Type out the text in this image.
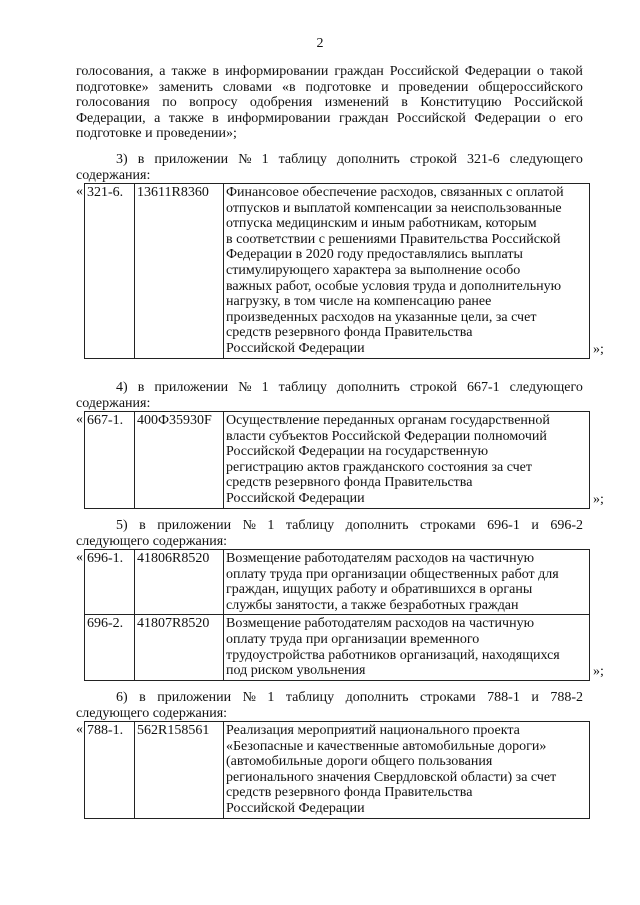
2
голосования, а также в информировании граждан Российской Федерации о такой
подготовке» заменить словами «в подготовке и проведении общероссийского
голосования по вопросу одобрения изменений в Конституцию Российской
Федерации, а также в информировании граждан Российской Федерации о его
подготовке и проведении»;
3) в приложении № 1 таблицу дополнить строкой 321-6 следующего
содержания:
321-6.	13611R8360	Финансовое обеспечение расходов, связанных с оплатой
отпусков и выплатой компенсации за неиспользованные
отпуска медицинским и иным работникам, которым
в соответствии с решениями Правительства Российской
Федерации в 2020 году предоставлялись выплаты
стимулирующего характера за выполнение особо
важных работ, особые условия труда и дополнительную
нагрузку, в том числе на компенсацию ранее
произведенных расходов на указанные цели, за счет
средств резервного фонда Правительства
Российской Федерации
«
»;
4) в приложении № 1 таблицу дополнить строкой 667-1 следующего
содержания:
667-1.	400Ф35930F	Осуществление переданных органам государственной
власти субъектов Российской Федерации полномочий
Российской Федерации на государственную
регистрацию актов гражданского состояния за счет
средств резервного фонда Правительства
Российской Федерации
«
»;
5) в приложении № 1 таблицу дополнить строками 696-1 и 696-2
следующего содержания:
696-1.	41806R8520	Возмещение работодателям расходов на частичную
оплату труда при организации общественных работ для
граждан, ищущих работу и обратившихся в органы
службы занятости, а также безработных граждан

696-2.	41807R8520	Возмещение работодателям расходов на частичную
оплату труда при организации временного
трудоустройства работников организаций, находящихся
под риском увольнения
«
»;
6) в приложении № 1 таблицу дополнить строками 788-1 и 788-2
следующего содержания:
788-1.	562R158561	Реализация мероприятий национального проекта
«Безопасные и качественные автомобильные дороги»
(автомобильные дороги общего пользования
регионального значения Свердловской области) за счет
средств резервного фонда Правительства
Российской Федерации
«
